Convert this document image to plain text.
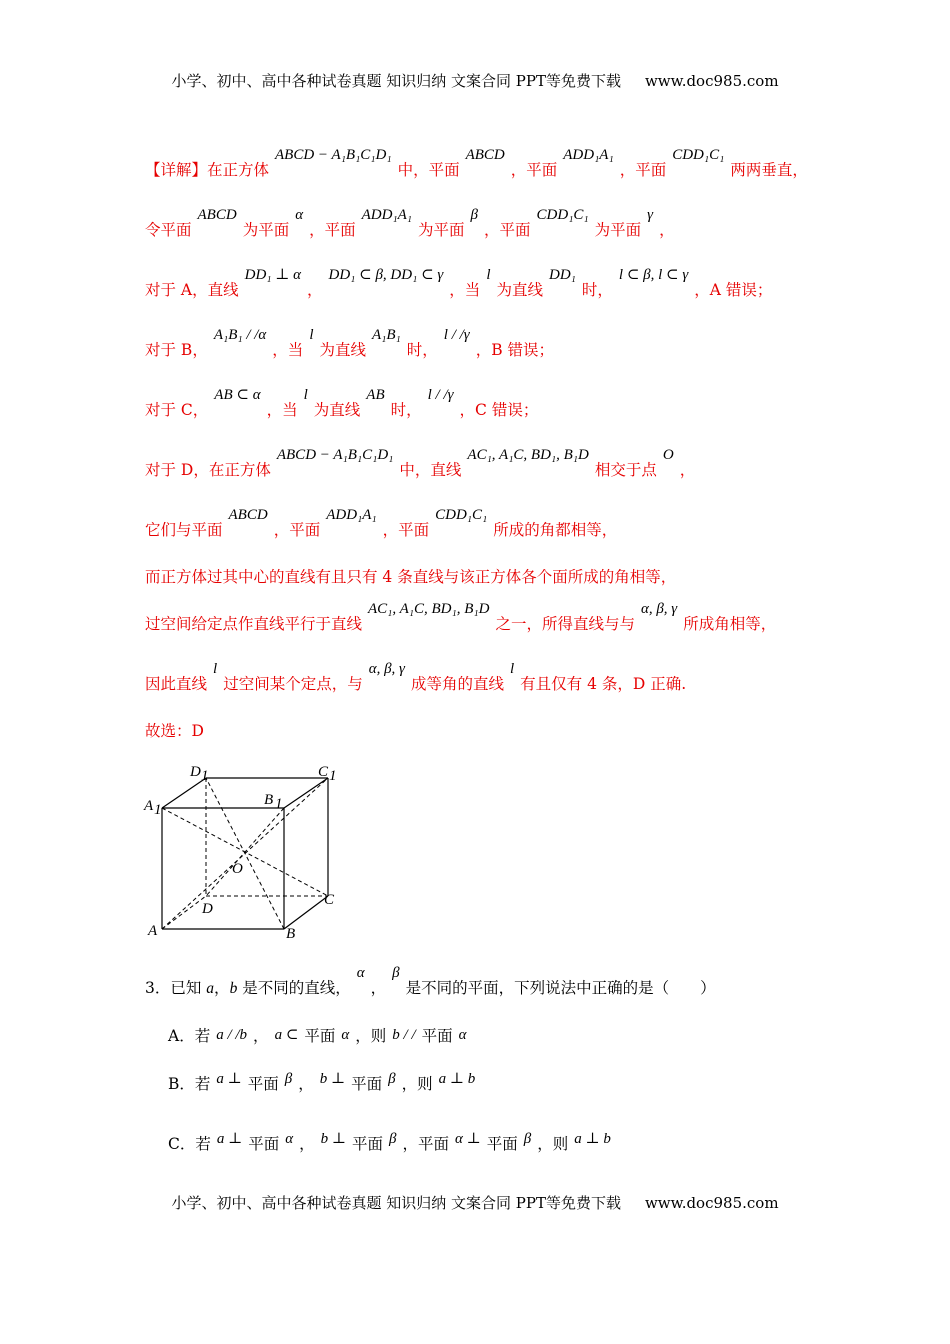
小学、初中、高中各种试卷真题 知识归纳 文案合同 PPT等免费下载 www.doc985.com
【详解】在正方体ABCD − A₁B₁C₁D₁中，平面ABCD，平面ADD₁A₁，平面CDD₁C₁两两垂直，
令平面ABCD为平面α，平面ADD₁A₁为平面β，平面CDD₁C₁为平面γ，
对于 A，直线DD₁ ⊥ α，DD₁ ⊂ β, DD₁ ⊂ γ，当l为直线DD₁时，l ⊂ β, l ⊂ γ，A 错误；
对于 B，A₁B₁ / /α，当l为直线A₁B₁时，l / /γ，B 错误；
对于 C，AB ⊂ α，当l为直线AB时，l / /γ，C 错误；
对于 D，在正方体ABCD − A₁B₁C₁D₁中，直线AC₁, A₁C, BD₁, B₁D相交于点O，
它们与平面ABCD，平面ADD₁A₁，平面CDD₁C₁所成的角都相等，
而正方体过其中心的直线有且只有 4 条直线与该正方体各个面所成的角相等，
过空间给定点作直线平行于直线AC₁, A₁C, BD₁, B₁D之一，所得直线与与α, β, γ所成角相等，
因此直线l过空间某个定点，与α, β, γ成等角的直线l有且仅有 4 条，D 正确.
故选：D
D 1	C 1
A 1
B 1
O
D
C
A	B
3．已知 a，b 是不同的直线，α，β是不同的平面，下列说法中正确的是（　　）
A．若 a / /b ， a ⊂ 平面 α ，则 b / / 平面 α
B．若 a ⊥ 平面 β ， b ⊥ 平面 β ，则 a ⊥ b
C．若 a ⊥ 平面 α ， b ⊥ 平面 β ，平面 α ⊥ 平面 β ，则 a ⊥ b
小学、初中、高中各种试卷真题 知识归纳 文案合同 PPT等免费下载 www.doc985.com
